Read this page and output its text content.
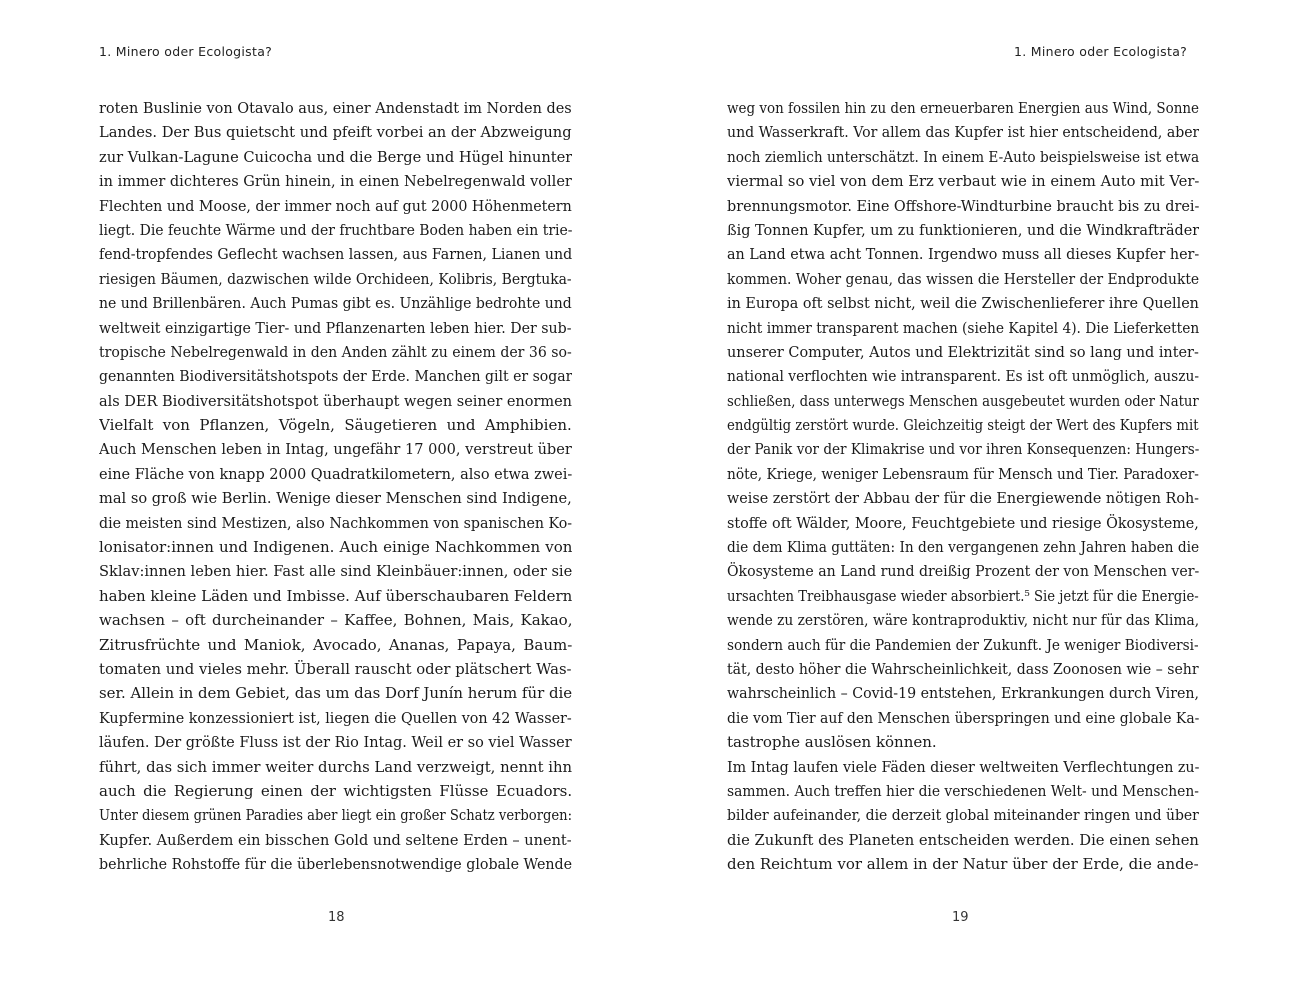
1. Minero oder Ecologista?
roten Buslinie von Otavalo aus, einer Andenstadt im Norden des
Landes. Der Bus quietscht und pfeift vorbei an der Abzweigung
zur Vulkan-Lagune Cuicocha und die Berge und Hügel hinunter
in immer dichteres Grün hinein, in einen Nebelregenwald voller
Flechten und Moose, der immer noch auf gut 2000 Höhenmetern
liegt. Die feuchte Wärme und der fruchtbare Boden haben ein trie-
fend-tropfendes Geflecht wachsen lassen, aus Farnen, Lianen und
riesigen Bäumen, dazwischen wilde Orchideen, Kolibris, Bergtuka-
ne und Brillenbären. Auch Pumas gibt es. Unzählige bedrohte und
weltweit einzigartige Tier- und Pflanzenarten leben hier. Der sub-
tropische Nebelregenwald in den Anden zählt zu einem der 36 so-
genannten Biodiversitätshotspots der Erde. Manchen gilt er sogar
als DER Biodiversitätshotspot überhaupt wegen seiner enormen
Vielfalt von Pflanzen, Vögeln, Säugetieren und Amphibien.
Auch Menschen leben in Intag, ungefähr 17 000, verstreut über
eine Fläche von knapp 2000 Quadratkilometern, also etwa zwei-
mal so groß wie Berlin. Wenige dieser Menschen sind Indigene,
die meisten sind Mestizen, also Nachkommen von spanischen Ko-
lonisator:innen und Indigenen. Auch einige Nachkommen von
Sklav:innen leben hier. Fast alle sind Kleinbäuer:innen, oder sie
haben kleine Läden und Imbisse. Auf überschaubaren Feldern
wachsen – oft durcheinander – Kaffee, Bohnen, Mais, Kakao,
Zitrusfrüchte und Maniok, Avocado, Ananas, Papaya, Baum-
tomaten und vieles mehr. Überall rauscht oder plätschert Was-
ser. Allein in dem Gebiet, das um das Dorf Junín herum für die
Kupfermine konzessioniert ist, liegen die Quellen von 42 Wasser-
läufen. Der größte Fluss ist der Rio Intag. Weil er so viel Wasser
führt, das sich immer weiter durchs Land verzweigt, nennt ihn
auch die Regierung einen der wichtigsten Flüsse Ecuadors.
Unter diesem grünen Paradies aber liegt ein großer Schatz verborgen:
Kupfer. Außerdem ein bisschen Gold und seltene Erden – unent-
behrliche Rohstoffe für die überlebensnotwendige globale Wende
18
1. Minero oder Ecologista?
weg von fossilen hin zu den erneuerbaren Energien aus Wind, Sonne
und Wasserkraft. Vor allem das Kupfer ist hier entscheidend, aber
noch ziemlich unterschätzt. In einem E-Auto beispielsweise ist etwa
viermal so viel von dem Erz verbaut wie in einem Auto mit Ver-
brennungsmotor. Eine Offshore-Windturbine braucht bis zu drei-
ßig Tonnen Kupfer, um zu funktionieren, und die Windkrafträder
an Land etwa acht Tonnen. Irgendwo muss all dieses Kupfer her-
kommen. Woher genau, das wissen die Hersteller der Endprodukte
in Europa oft selbst nicht, weil die Zwischenlieferer ihre Quellen
nicht immer transparent machen (siehe Kapitel 4). Die Lieferketten
unserer Computer, Autos und Elektrizität sind so lang und inter-
national verflochten wie intransparent. Es ist oft unmöglich, auszu-
schließen, dass unterwegs Menschen ausgebeutet wurden oder Natur
endgültig zerstört wurde. Gleichzeitig steigt der Wert des Kupfers mit
der Panik vor der Klimakrise und vor ihren Konsequenzen: Hungers-
nöte, Kriege, weniger Lebensraum für Mensch und Tier. Paradoxer-
weise zerstört der Abbau der für die Energiewende nötigen Roh-
stoffe oft Wälder, Moore, Feuchtgebiete und riesige Ökosysteme,
die dem Klima guttäten: In den vergangenen zehn Jahren haben die
Ökosysteme an Land rund dreißig Prozent der von Menschen ver-
ursachten Treibhausgase wieder absorbiert.⁵ Sie jetzt für die Energie-
wende zu zerstören, wäre kontraproduktiv, nicht nur für das Klima,
sondern auch für die Pandemien der Zukunft. Je weniger Biodiversi-
tät, desto höher die Wahrscheinlichkeit, dass Zoonosen wie – sehr
wahrscheinlich – Covid-19 entstehen, Erkrankungen durch Viren,
die vom Tier auf den Menschen überspringen und eine globale Ka-
tastrophe auslösen können.
Im Intag laufen viele Fäden dieser weltweiten Verflechtungen zu-
sammen. Auch treffen hier die verschiedenen Welt- und Menschen-
bilder aufeinander, die derzeit global miteinander ringen und über
die Zukunft des Planeten entscheiden werden. Die einen sehen
den Reichtum vor allem in der Natur über der Erde, die ande-
19
